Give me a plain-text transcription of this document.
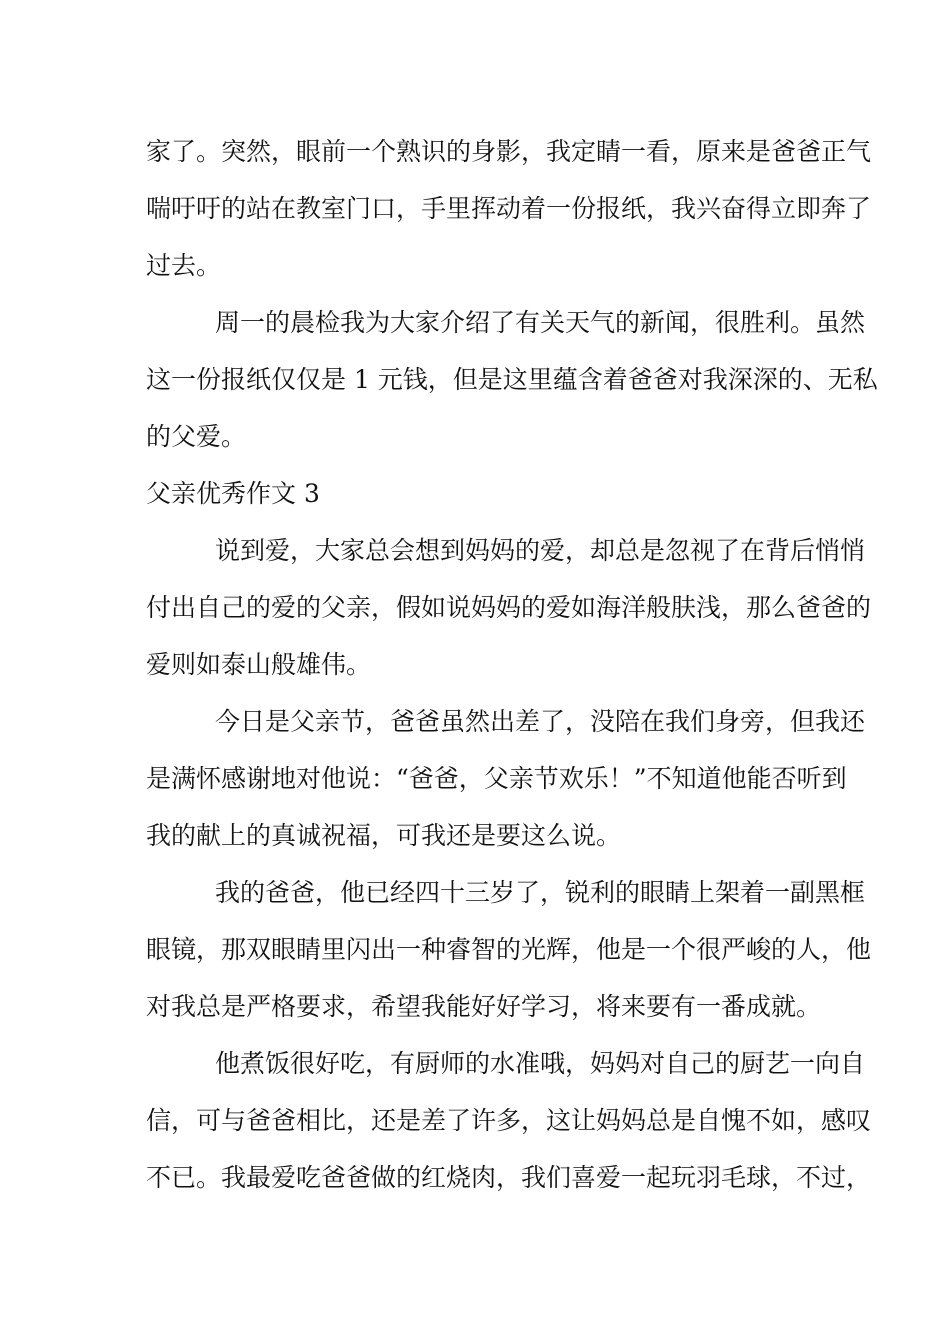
家了。突然，眼前一个熟识的身影，我定睛一看，原来是爸爸正气
喘吁吁的站在教室门口，手里挥动着一份报纸，我兴奋得立即奔了
过去。
周一的晨检我为大家介绍了有关天气的新闻，很胜利。虽然
这一份报纸仅仅是 1 元钱，但是这里蕴含着爸爸对我深深的、无私
的父爱。
父亲优秀作文 3
说到爱，大家总会想到妈妈的爱，却总是忽视了在背后悄悄
付出自己的爱的父亲，假如说妈妈的爱如海洋般肤浅，那么爸爸的
爱则如泰山般雄伟。
今日是父亲节，爸爸虽然出差了，没陪在我们身旁，但我还
是满怀感谢地对他说：“爸爸，父亲节欢乐！”不知道他能否听到
我的献上的真诚祝福，可我还是要这么说。
我的爸爸，他已经四十三岁了，锐利的眼睛上架着一副黑框
眼镜，那双眼睛里闪出一种睿智的光辉，他是一个很严峻的人，他
对我总是严格要求，希望我能好好学习，将来要有一番成就。
他煮饭很好吃，有厨师的水准哦，妈妈对自己的厨艺一向自
信，可与爸爸相比，还是差了许多，这让妈妈总是自愧不如，感叹
不已。我最爱吃爸爸做的红烧肉，我们喜爱一起玩羽毛球，不过，
